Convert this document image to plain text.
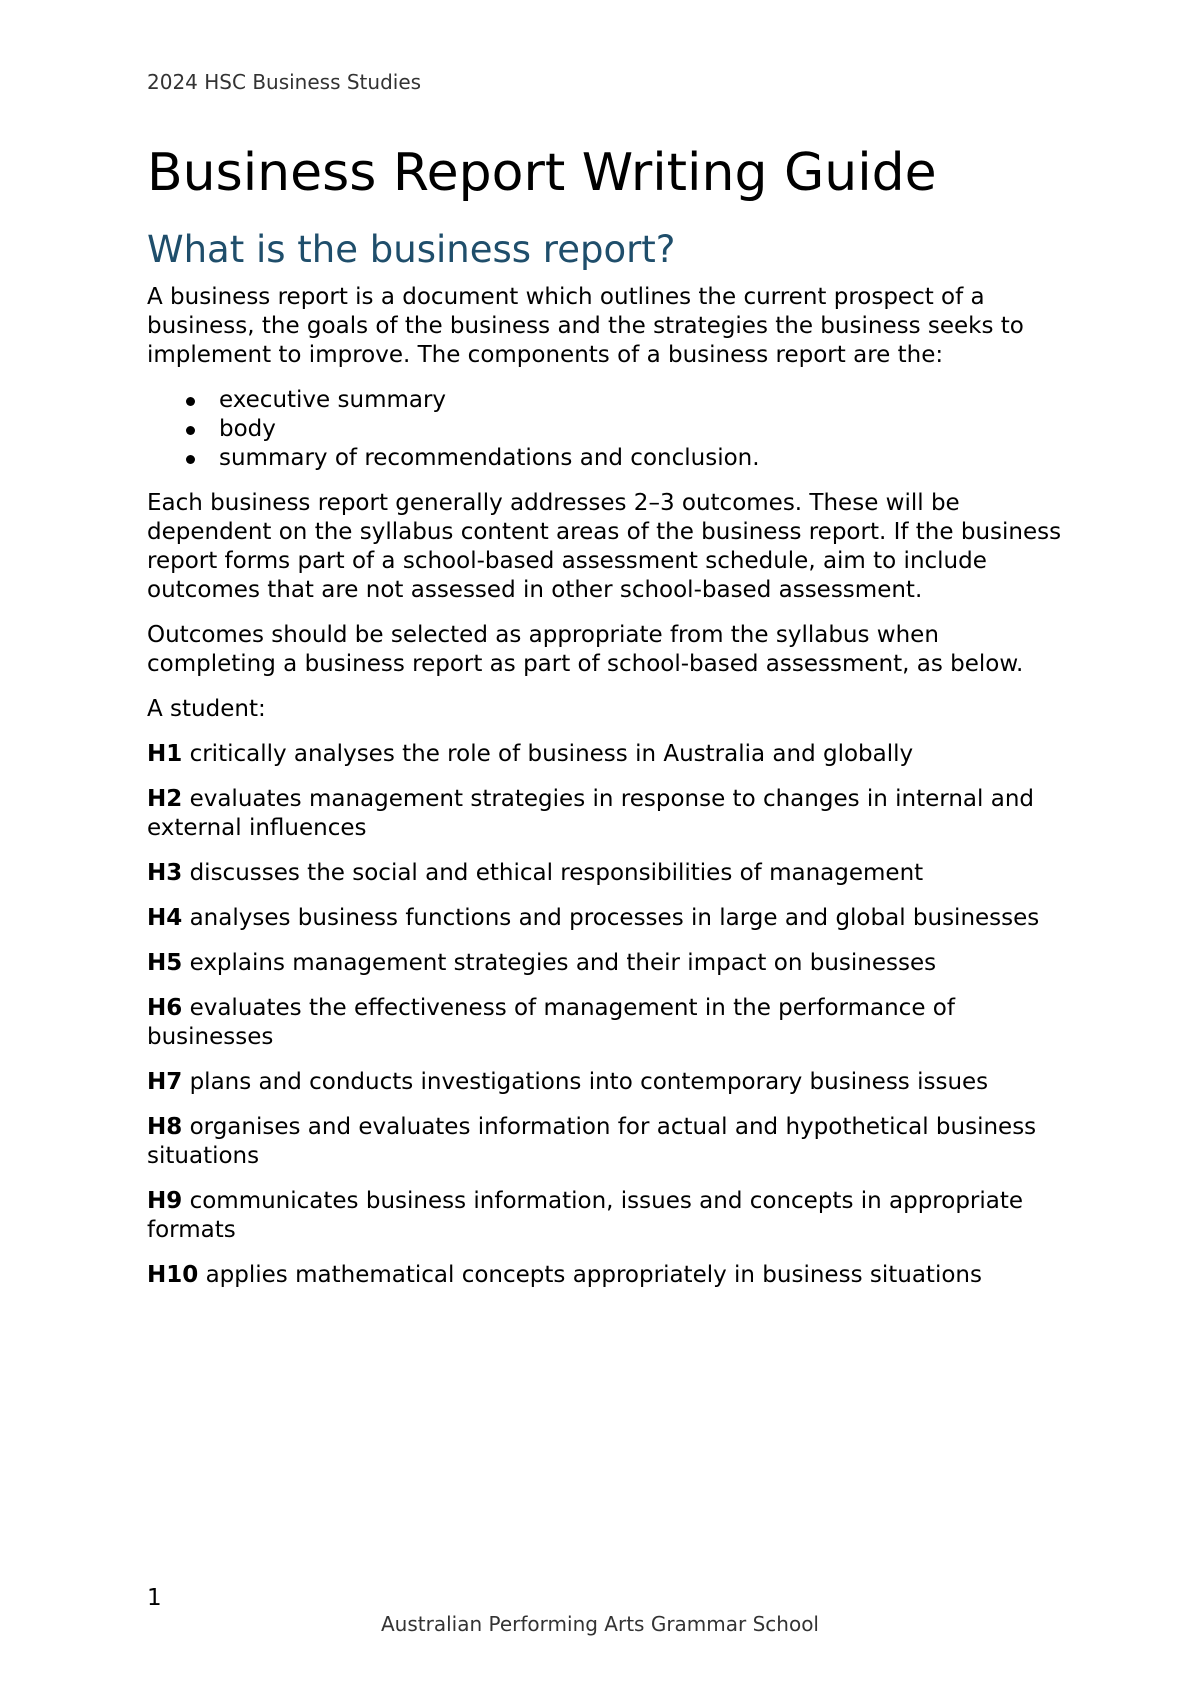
2024 HSC Business Studies
Business Report Writing Guide
What is the business report?

A business report is a document which outlines the current prospect of a business, the goals of the business and the strategies the business seeks to implement to improve. The components of a business report are the:

executive summary
body
summary of recommendations and conclusion.

Each business report generally addresses 2–3 outcomes. These will be dependent on the syllabus content areas of the business report. If the business report forms part of a school-based assessment schedule, aim to include outcomes that are not assessed in other school-based assessment.

Outcomes should be selected as appropriate from the syllabus when completing a business report as part of school-based assessment, as below.

A student:

H1 critically analyses the role of business in Australia and globally
H2 evaluates management strategies in response to changes in internal and external influences
H3 discusses the social and ethical responsibilities of management
H4 analyses business functions and processes in large and global businesses
H5 explains management strategies and their impact on businesses
H6 evaluates the effectiveness of management in the performance of businesses
H7 plans and conducts investigations into contemporary business issues
H8 organises and evaluates information for actual and hypothetical business situations
H9 communicates business information, issues and concepts in appropriate formats
H10 applies mathematical concepts appropriately in business situations
1
Australian Performing Arts Grammar School
